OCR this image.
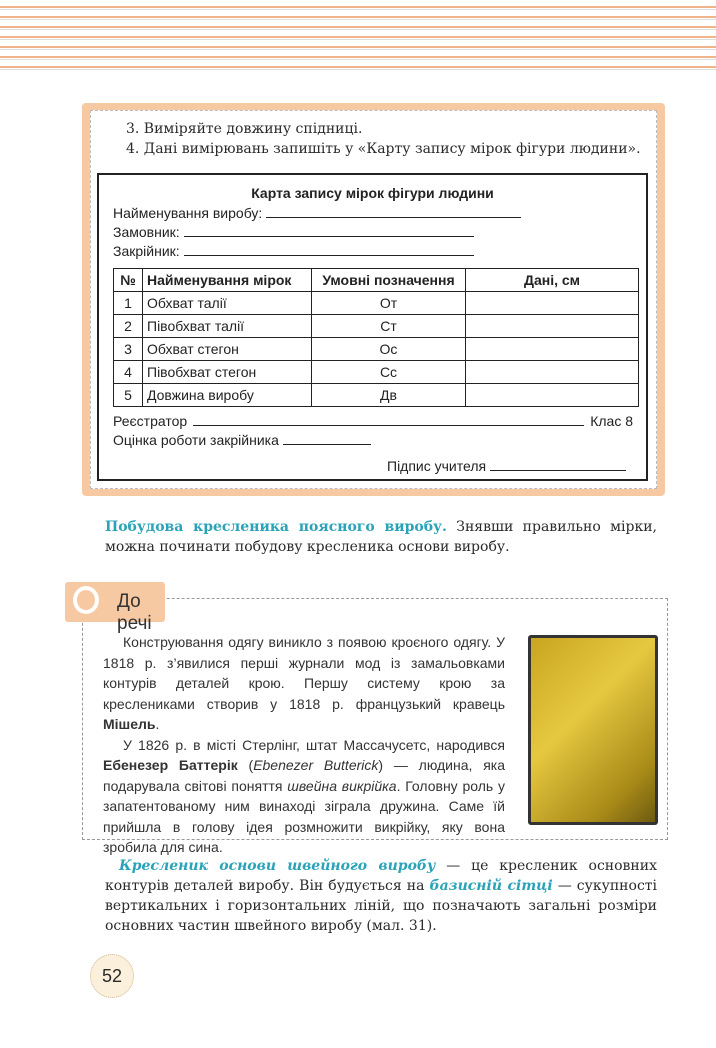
3. Виміряйте довжину спідниці.
4. Дані вимірювань запишіть у «Карту запису мірок фігури людини».
Карта запису мірок фігури людини
Найменування виробу:
Замовник:
Закрійник:
№	Найменування мірок	Умовні позначення	Дані, см
1	Обхват талії	От	
2	Півобхват талії	Ст	
3	Обхват стегон	Ос	
4	Півобхват стегон	Сс	
5	Довжина виробу	Дв	
Реєстратор	Клас 8
Оцінка роботи закрійника
Підпис учителя
Побудова кресленика поясного виробу. Знявши правильно мірки, можна починати побудову кресленика основи виробу.
До речі
Конструювання одягу виникло з появою кроєного одягу. У 1818 р. з’явилися перші журнали мод із замальовками контурів деталей крою. Першу систему крою за креслениками створив у 1818 р. французький кравець Мішель.
У 1826 р. в місті Стерлінг, штат Массачусетс, народився Ебенезер Баттерік (Ebenezer Butterick) — людина, яка подарувала світові поняття швейна викрійка. Головну роль у запатентованому ним винаході зіграла дружина. Саме їй прийшла в голову ідея розмножити викрійку, яку вона зробила для сина.
Кресленик основи швейного виробу — це кресленик основних контурів деталей виробу. Він будується на базисній сітці — сукупності вертикальних і горизонтальних ліній, що позначають загальні розміри основних частин швейного виробу (мал. 31).
52
